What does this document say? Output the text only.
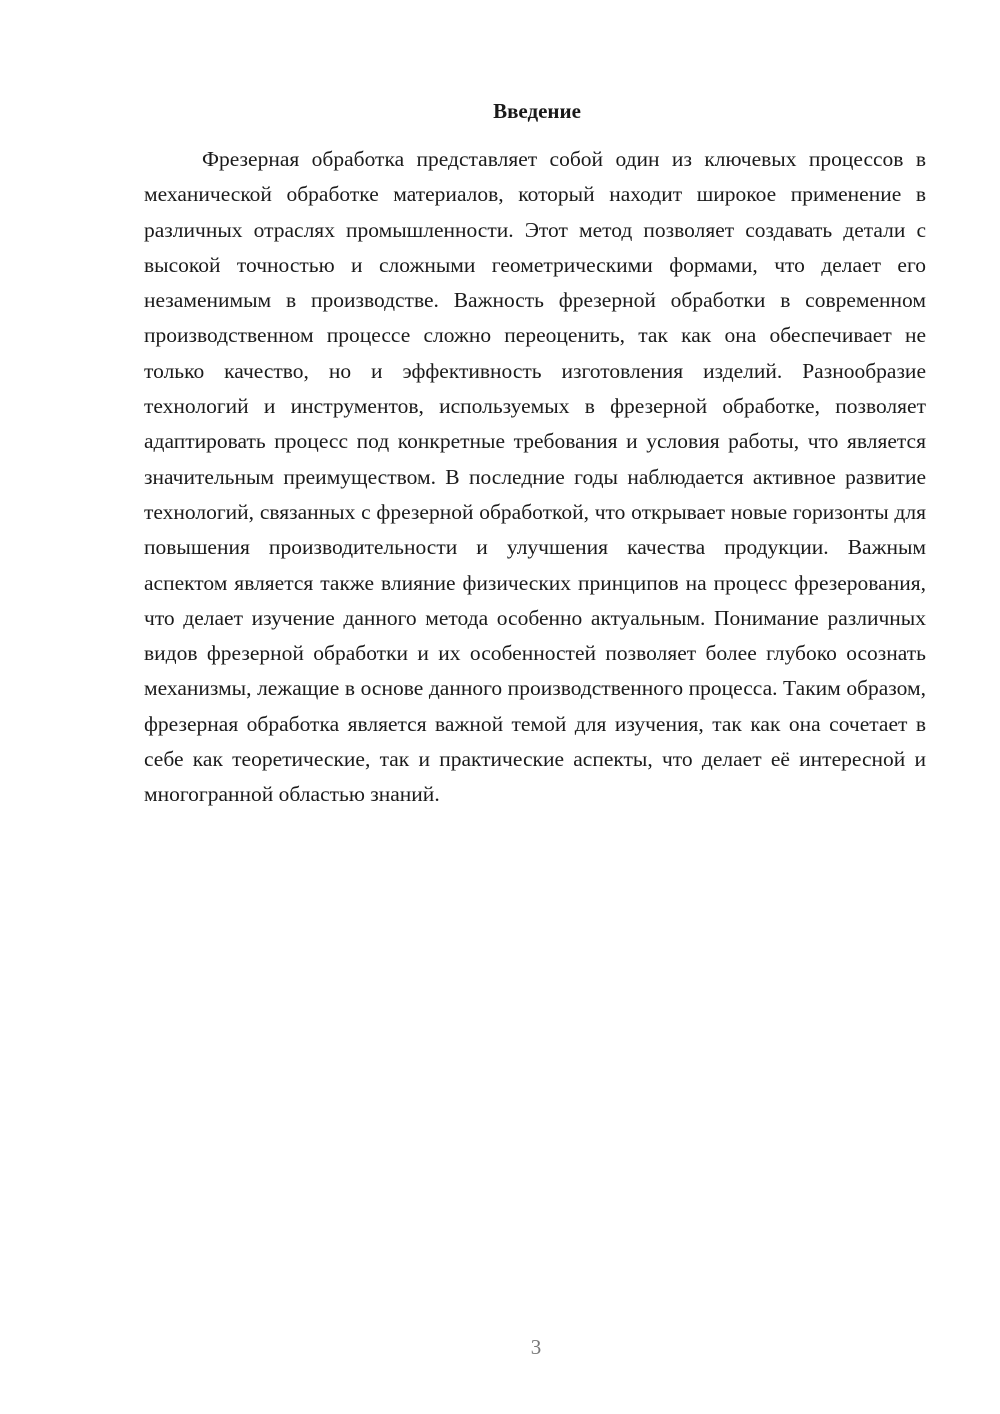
Введение

Фрезерная обработка представляет собой один из ключевых процессов в механической обработке материалов, который находит широкое применение в различных отраслях промышленности. Этот метод позволяет создавать детали с высокой точностью и сложными геометрическими формами, что делает его незаменимым в производстве. Важность фрезерной обработки в современном производственном процессе сложно переоценить, так как она обеспечивает не только качество, но и эффективность изготовления изделий. Разнообразие технологий и инструментов, используемых в фрезерной обработке, позволяет адаптировать процесс под конкретные требования и условия работы, что является значительным преимуществом. В последние годы наблюдается активное развитие технологий, связанных с фрезерной обработкой, что открывает новые горизонты для повышения производительности и улучшения качества продукции. Важным аспектом является также влияние физических принципов на процесс фрезерования, что делает изучение данного метода особенно актуальным. Понимание различных видов фрезерной обработки и их особенностей позволяет более глубоко осознать механизмы, лежащие в основе данного производственного процесса. Таким образом, фрезерная обработка является важной темой для изучения, так как она сочетает в себе как теоретические, так и практические аспекты, что делает её интересной и многогранной областью знаний.

3
